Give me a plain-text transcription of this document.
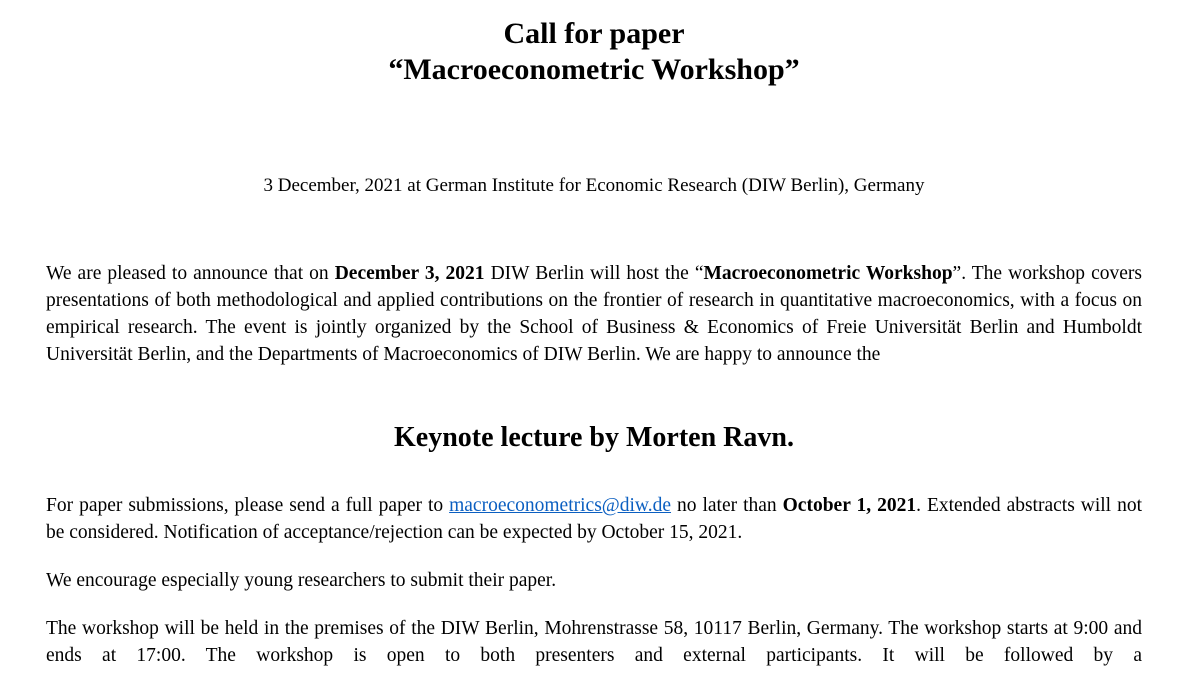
Call for paper
“Macroeconometric Workshop”
3 December, 2021 at German Institute for Economic Research (DIW Berlin), Germany

We are pleased to announce that on December 3, 2021 DIW Berlin will host the “Macroeconometric Workshop”. The workshop covers presentations of both methodological and applied contributions on the frontier of research in quantitative macroeconomics, with a focus on empirical research. The event is jointly organized by the School of Business & Economics of Freie Universität Berlin and Humboldt Universität Berlin, and the Departments of Macroeconomics of DIW Berlin. We are happy to announce the

Keynote lecture by Morten Ravn.

For paper submissions, please send a full paper to macroeconometrics@diw.de no later than October 1, 2021. Extended abstracts will not be considered. Notification of acceptance/rejection can be expected by October 15, 2021.

We encourage especially young researchers to submit their paper.

The workshop will be held in the premises of the DIW Berlin, Mohrenstrasse 58, 10117 Berlin, Germany. The workshop starts at 9:00 and ends at 17:00. The workshop is open to both presenters and external participants. It will be followed by a
